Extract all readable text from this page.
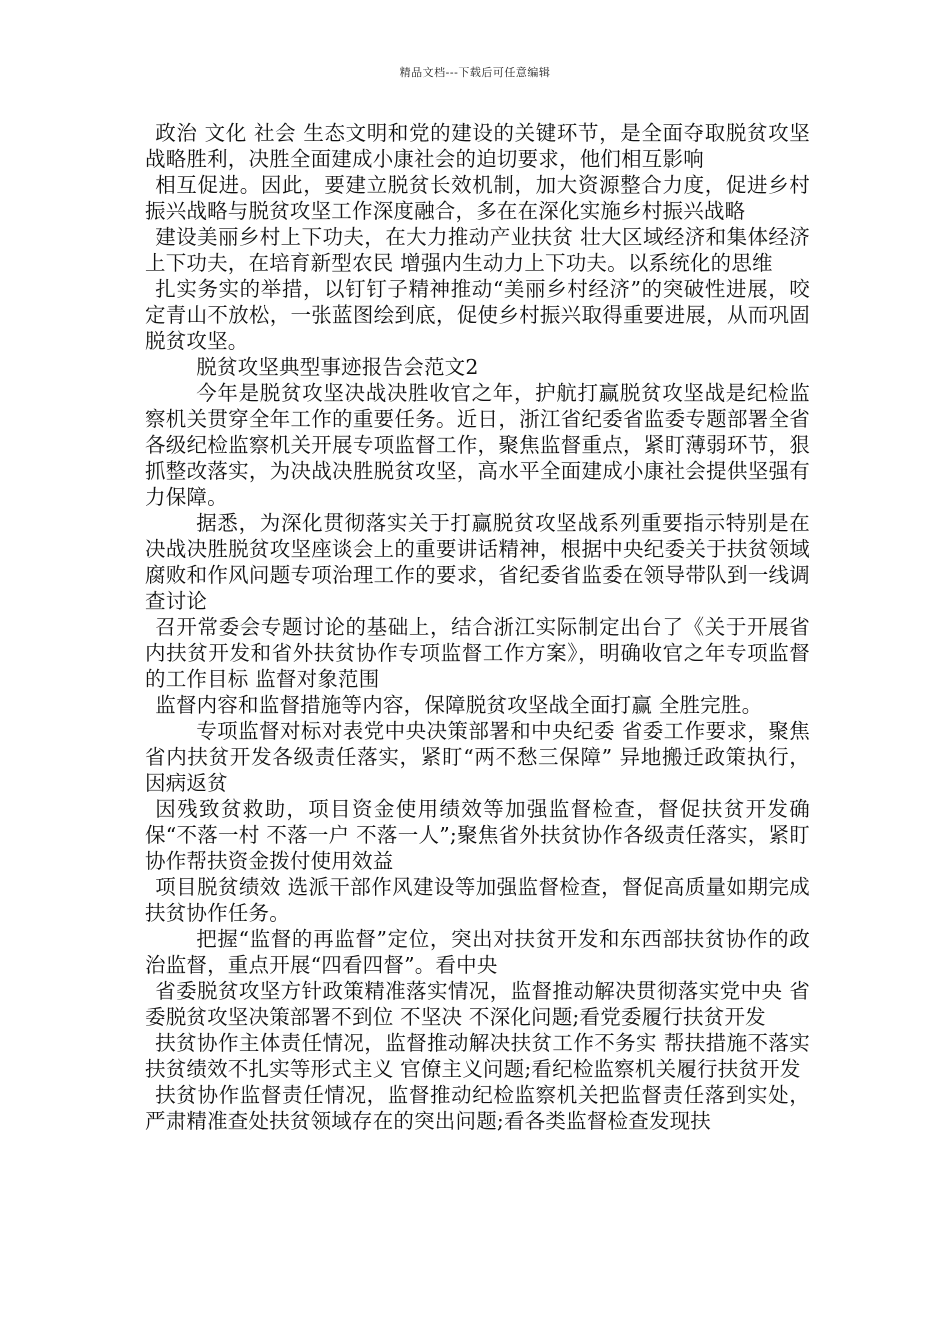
精品文档---下载后可任意编辑

政治 文化 社会 生态文明和党的建设的关键环节，是全面夺取脱贫攻坚战略胜利，决胜全面建成小康社会的迫切要求，他们相互影响

相互促进。因此，要建立脱贫长效机制，加大资源整合力度，促进乡村振兴战略与脱贫攻坚工作深度融合，多在在深化实施乡村振兴战略

建设美丽乡村上下功夫，在大力推动产业扶贫 壮大区域经济和集体经济上下功夫，在培育新型农民 增强内生动力上下功夫。以系统化的思维

扎实务实的举措，以钉钉子精神推动“美丽乡村经济”的突破性进展，咬定青山不放松，一张蓝图绘到底，促使乡村振兴取得重要进展，从而巩固脱贫攻坚。

脱贫攻坚典型事迹报告会范文2

今年是脱贫攻坚决战决胜收官之年，护航打赢脱贫攻坚战是纪检监察机关贯穿全年工作的重要任务。近日，浙江省纪委省监委专题部署全省各级纪检监察机关开展专项监督工作，聚焦监督重点，紧盯薄弱环节，狠抓整改落实，为决战决胜脱贫攻坚，高水平全面建成小康社会提供坚强有力保障。

据悉，为深化贯彻落实关于打赢脱贫攻坚战系列重要指示特别是在决战决胜脱贫攻坚座谈会上的重要讲话精神，根据中央纪委关于扶贫领域腐败和作风问题专项治理工作的要求，省纪委省监委在领导带队到一线调查讨论

召开常委会专题讨论的基础上，结合浙江实际制定出台了《关于开展省内扶贫开发和省外扶贫协作专项监督工作方案》，明确收官之年专项监督的工作目标 监督对象范围

监督内容和监督措施等内容，保障脱贫攻坚战全面打赢 全胜完胜。

专项监督对标对表党中央决策部署和中央纪委 省委工作要求，聚焦省内扶贫开发各级责任落实，紧盯“两不愁三保障” 异地搬迁政策执行，因病返贫

因残致贫救助，项目资金使用绩效等加强监督检查，督促扶贫开发确保“不落一村 不落一户 不落一人”;聚焦省外扶贫协作各级责任落实，紧盯协作帮扶资金拨付使用效益

项目脱贫绩效 选派干部作风建设等加强监督检查，督促高质量如期完成扶贫协作任务。

把握“监督的再监督”定位，突出对扶贫开发和东西部扶贫协作的政治监督，重点开展“四看四督”。看中央

省委脱贫攻坚方针政策精准落实情况，监督推动解决贯彻落实党中央 省委脱贫攻坚决策部署不到位 不坚决 不深化问题;看党委履行扶贫开发

扶贫协作主体责任情况，监督推动解决扶贫工作不务实 帮扶措施不落实 扶贫绩效不扎实等形式主义 官僚主义问题;看纪检监察机关履行扶贫开发

扶贫协作监督责任情况，监督推动纪检监察机关把监督责任落到实处，严肃精准查处扶贫领域存在的突出问题;看各类监督检查发现扶
